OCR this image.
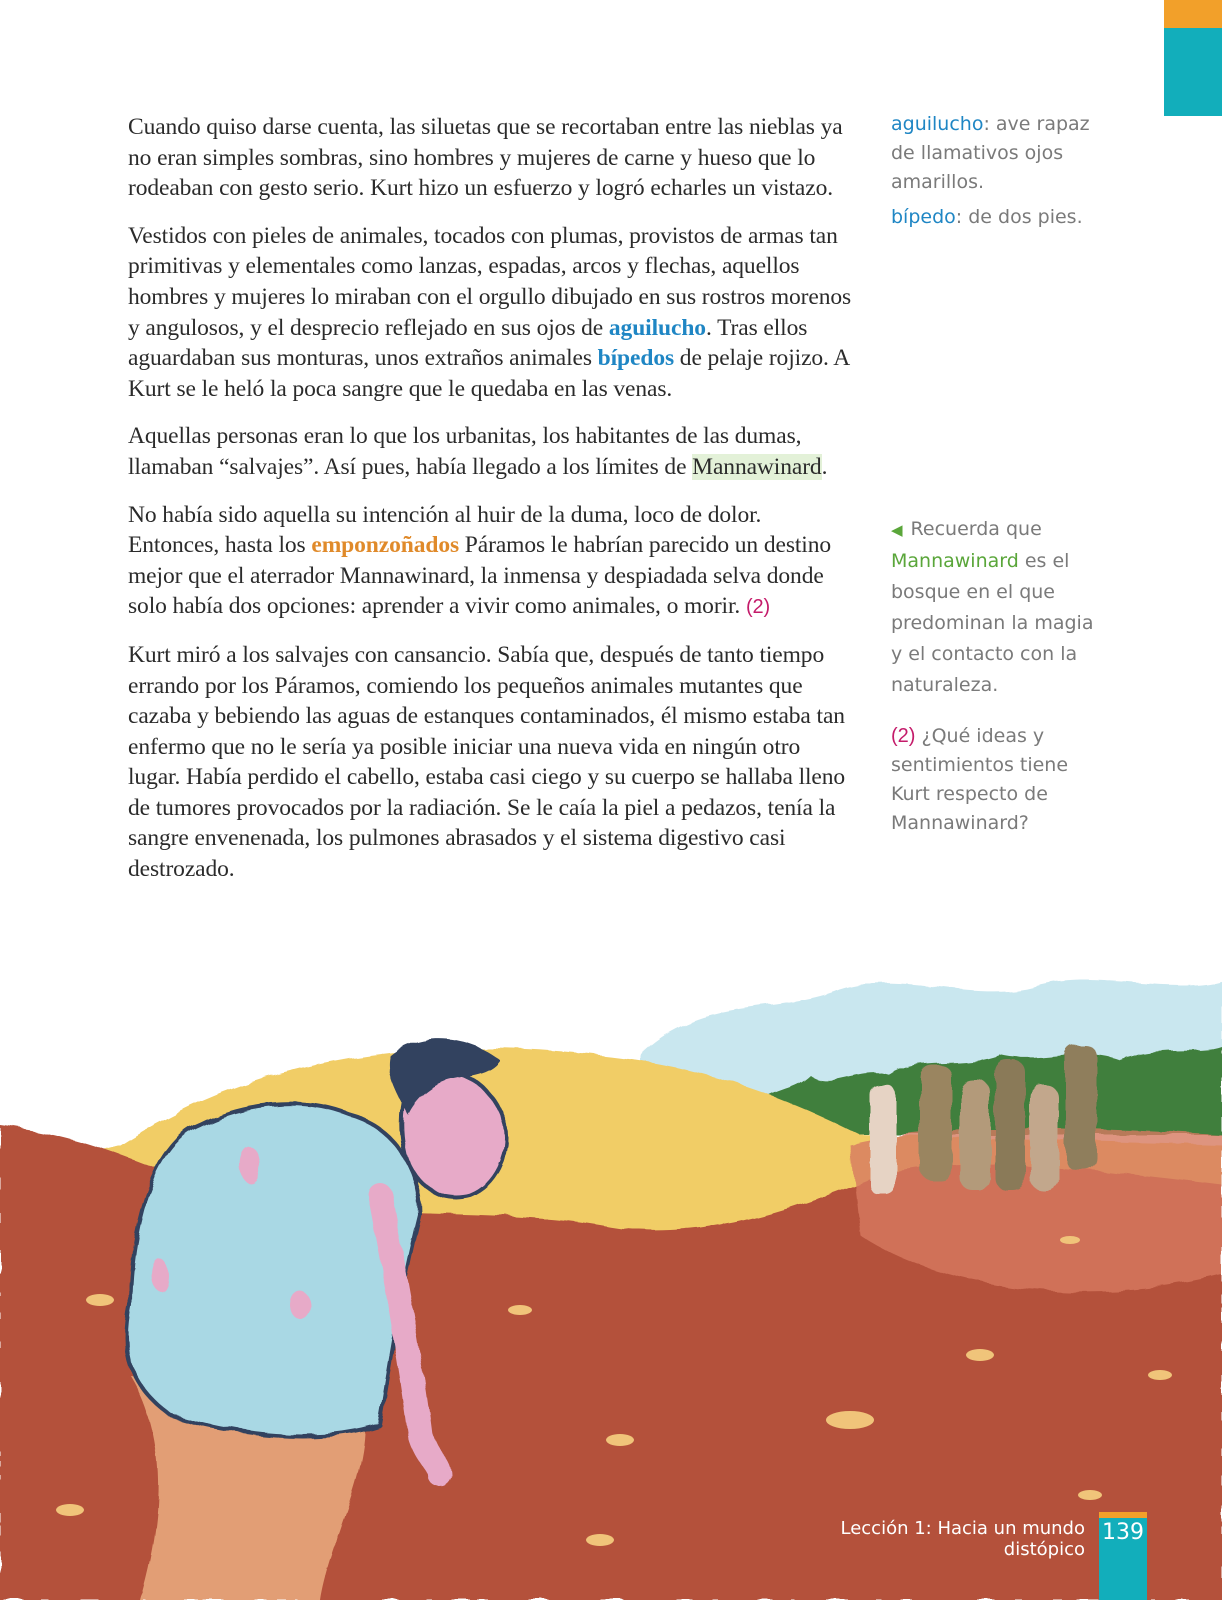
Cuando quiso darse cuenta, las siluetas que se recortaban entre las nieblas ya no eran simples sombras, sino hombres y mujeres de carne y hueso que lo rodeaban con gesto serio. Kurt hizo un esfuerzo y logró echarles un vistazo.

Vestidos con pieles de animales, tocados con plumas, provistos de armas tan primitivas y elementales como lanzas, espadas, arcos y flechas, aquellos hombres y mujeres lo miraban con el orgullo dibujado en sus rostros morenos y angulosos, y el desprecio reflejado en sus ojos de aguilucho. Tras ellos aguardaban sus monturas, unos extraños animales bípedos de pelaje rojizo. A Kurt se le heló la poca sangre que le quedaba en las venas.

Aquellas personas eran lo que los urbanitas, los habitantes de las dumas, llamaban “salvajes”. Así pues, había llegado a los límites de Mannawinard.

No había sido aquella su intención al huir de la duma, loco de dolor. Entonces, hasta los emponzoñados Páramos le habrían parecido un destino mejor que el aterrador Mannawinard, la inmensa y despiadada selva donde solo había dos opciones: aprender a vivir como animales, o morir. (2)

Kurt miró a los salvajes con cansancio. Sabía que, después de tanto tiempo errando por los Páramos, comiendo los pequeños animales mutantes que cazaba y bebiendo las aguas de estanques contaminados, él mismo estaba tan enfermo que no le sería ya posible iniciar una nueva vida en ningún otro lugar. Había perdido el cabello, estaba casi ciego y su cuerpo se hallaba lleno de tumores provocados por la radiación. Se le caía la piel a pedazos, tenía la sangre envenenada, los pulmones abrasados y el sistema digestivo casi destrozado.

aguilucho: ave rapaz de llamativos ojos amarillos.
bípedo: de dos pies.
◀ Recuerda que Mannawinard es el bosque en el que predominan la magia y el contacto con la naturaleza.
(2) ¿Qué ideas y sentimientos tiene Kurt respecto de Mannawinard?
Lección 1: Hacia un mundo distópico
139
